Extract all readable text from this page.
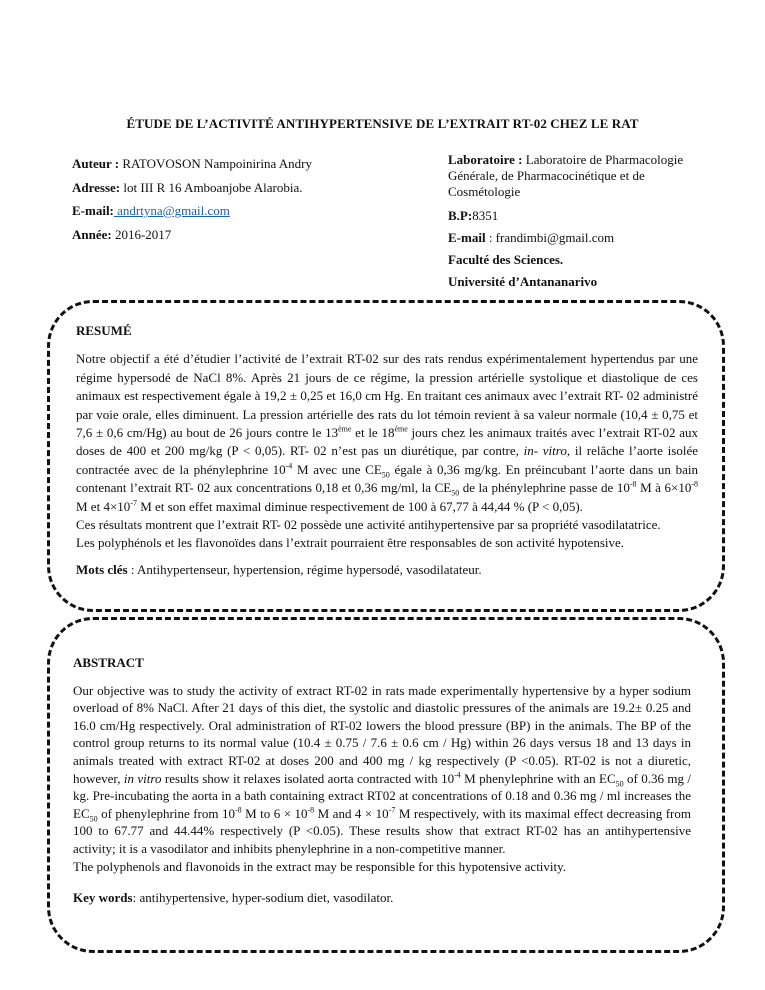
ÉTUDE DE L’ACTIVITÉ ANTIHYPERTENSIVE DE L’EXTRAIT RT-02 CHEZ LE RAT
Auteur : RATOVOSON Nampoinirina Andry
Adresse: lot III R 16 Amboanjobe Alarobia.
E-mail: andrtyna@gmail.com
Année: 2016-2017
Laboratoire : Laboratoire de Pharmacologie Générale, de Pharmacocinétique et de Cosmétologie
B.P:8351
E-mail : frandimbi@gmail.com
Faculté des Sciences.
Université d’Antananarivo
RESUMÉ

Notre objectif a été d’étudier l’activité de l’extrait RT-02 sur des rats rendus expérimentalement hypertendus par une régime hypersodé de NaCl 8%. Après 21 jours de ce régime, la pression artérielle systolique et diastolique de ces animaux est respectivement égale à 19,2 ± 0,25 et 16,0 cm Hg. En traitant ces animaux avec l’extrait RT- 02 administré par voie orale, elles diminuent. La pression artérielle des rats du lot témoin revient à sa valeur normale (10,4 ± 0,75 et 7,6 ± 0,6 cm/Hg) au bout de 26 jours contre le 13ème et le $18^{éme}$ jours chez les animaux traités avec l’extrait RT-02 aux doses de 400 et 200 mg/kg (P < 0,05). RT- 02 n’est pas un diurétique, par contre, in- vitro, il relâche l’aorte isolée contractée avec de la phénylephrine $10^{-4}$ M avec une $CE_{50}$ égale à 0,36 mg/kg. En préincubant l’aorte dans un bain contenant l’extrait RT- 02 aux concentrations 0,18 et 0,36 mg/ml, la $CE_{50}$ de la phénylephrine passe de $10^{-8}$ M à $6\times 10^{-8}$ M et $4\times 10^{-7}$ M et son effet maximal diminue respectivement de 100 à 67,77 à 44,44 % (P < 0,05).

Ces résultats montrent que l’extrait RT- 02 possède une activité antihypertensive par sa propriété vasodilatatrice.

Les polyphénols et les flavonoïdes dans l’extrait pourraient être responsables de son activité hypotensive.

Mots clés : Antihypertenseur, hypertension, régime hypersodé, vasodilatateur.

ABSTRACT

Our objective was to study the activity of extract RT-02 in rats made experimentally hypertensive by a hyper sodium overload of 8% NaCl. After 21 days of this diet, the systolic and diastolic pressures of the animals are 19.2± 0.25 and 16.0 cm/Hg respectively. Oral administration of RT-02 lowers the blood pressure (BP) in the animals. The BP of the control group returns to its normal value (10.4 ± 0.75 / 7.6 ± 0.6 cm / Hg) within 26 days versus 18 and 13 days in animals treated with extract RT-02 at doses 200 and 400 mg / kg respectively (P <0.05). RT-02 is not a diuretic, however, in vitro results show it relaxes isolated aorta contracted with $10^{-4}$ M phenylephrine with an $EC_{50}$ of 0.36 mg / kg. Pre-incubating the aorta in a bath containing extract RT02 at concentrations of 0.18 and 0.36 mg / ml increases the $EC_{50}$ of phenylephrine from $10^{-8}$ M to $6 \times 10^{-8}$ M and $4 \times 10^{-7}$ M respectively, with its maximal effect decreasing from 100 to 67.77 and 44.44% respectively (P <0.05). These results show that extract RT-02 has an antihypertensive activity; it is a vasodilator and inhibits phenylephrine in a non-competitive manner.

The polyphenols and flavonoids in the extract may be responsible for this hypotensive activity.

Key words: antihypertensive, hyper-sodium diet, vasodilator.
